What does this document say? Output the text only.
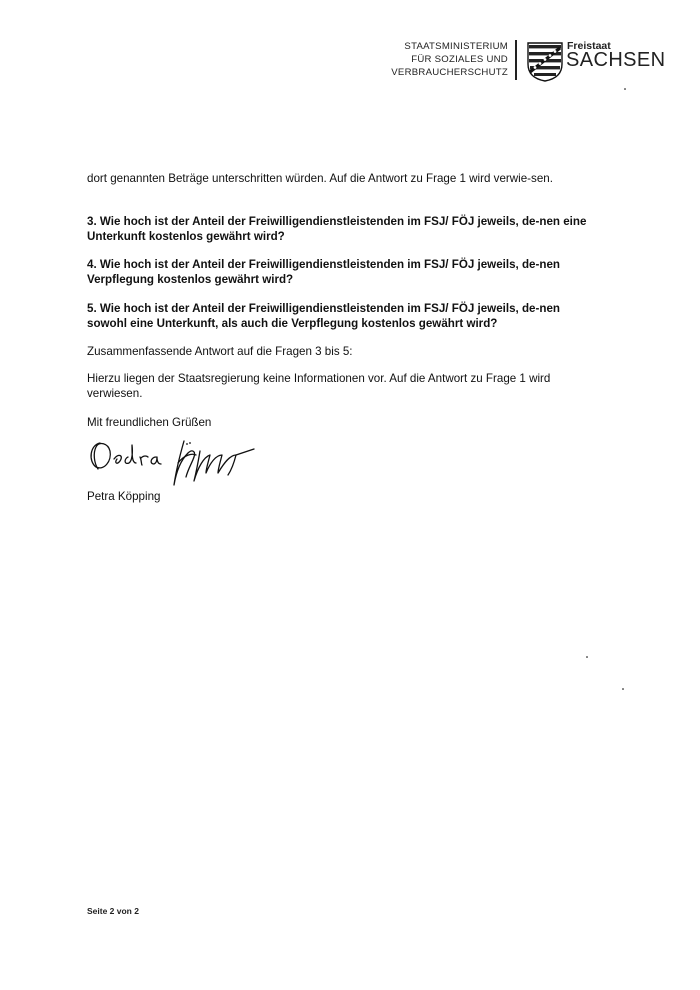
STAATSMINISTERIUM
FÜR SOZIALES UND
VERBRAUCHERSCHUTZ
Freistaat
SACHSEN
dort genannten Beträge unterschritten würden. Auf die Antwort zu Frage 1 wird verwie-sen.
3. Wie hoch ist der Anteil der Freiwilligendienstleistenden im FSJ/ FÖJ jeweils, de-nen eine Unterkunft kostenlos gewährt wird?
4. Wie hoch ist der Anteil der Freiwilligendienstleistenden im FSJ/ FÖJ jeweils, de-nen Verpflegung kostenlos gewährt wird?
5. Wie hoch ist der Anteil der Freiwilligendienstleistenden im FSJ/ FÖJ jeweils, de-nen sowohl eine Unterkunft, als auch die Verpflegung kostenlos gewährt wird?
Zusammenfassende Antwort auf die Fragen 3 bis 5:
Hierzu liegen der Staatsregierung keine Informationen vor. Auf die Antwort zu Frage 1 wird verwiesen.
Mit freundlichen Grüßen
Petra Köpping
Seite 2 von 2
